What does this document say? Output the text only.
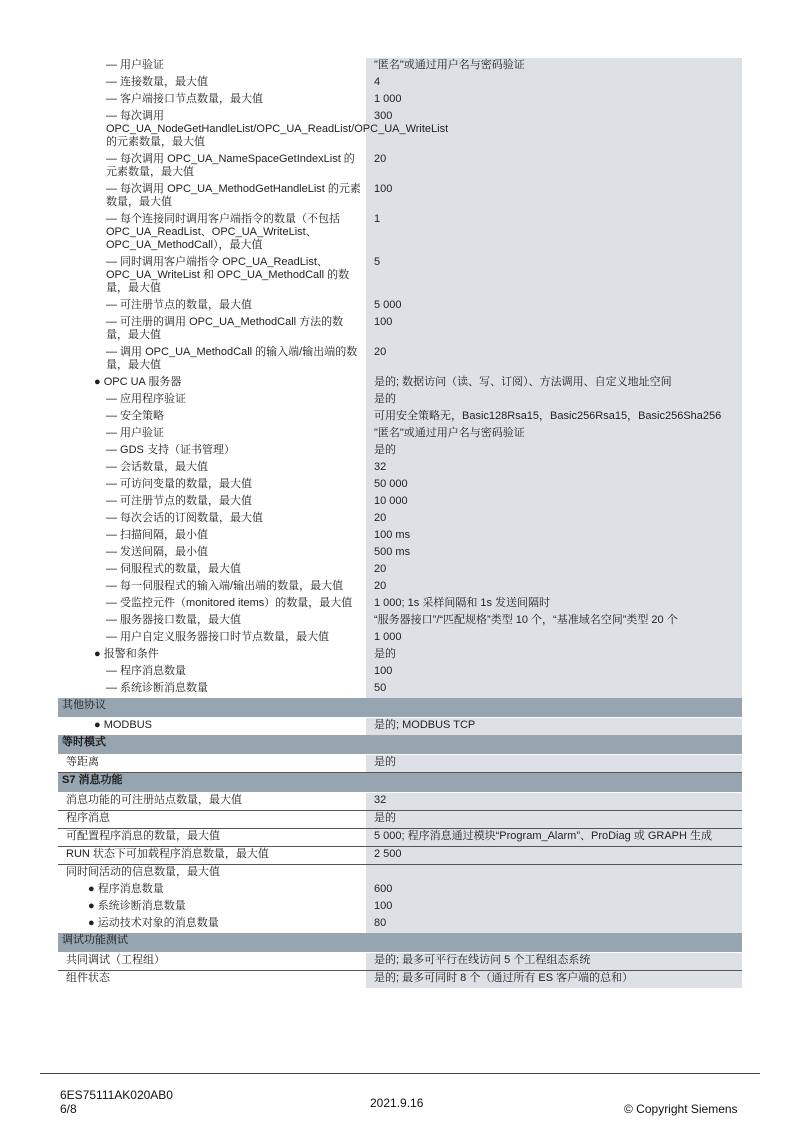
— 用户验证	"匿名"或通过用户名与密码验证
— 连接数量，最大值	4
— 客户端接口节点数量，最大值	1 000
— 每次调用 OPC_UA_NodeGetHandleList/OPC_UA_ReadList/OPC_UA_WriteList 的元素数量，最大值	300
— 每次调用 OPC_UA_NameSpaceGetIndexList 的元素数量，最大值	20
— 每次调用 OPC_UA_MethodGetHandleList 的元素数量，最大值	100
— 每个连接同时调用客户端指令的数量（不包括 OPC_UA_ReadList、OPC_UA_WriteList、OPC_UA_MethodCall），最大值	1
— 同时调用客户端指令 OPC_UA_ReadList、OPC_UA_WriteList 和 OPC_UA_MethodCall 的数量，最大值	5
— 可注册节点的数量，最大值	5 000
— 可注册的调用 OPC_UA_MethodCall 方法的数量，最大值	100
— 调用 OPC_UA_MethodCall 的输入端/输出端的数量，最大值	20
● OPC UA 服务器	是的; 数据访问（读、写、订阅）、方法调用、自定义地址空间
— 应用程序验证	是的
— 安全策略	可用安全策略无，Basic128Rsa15，Basic256Rsa15，Basic256Sha256
— 用户验证	"匿名"或通过用户名与密码验证
— GDS 支持（证书管理）	是的
— 会话数量，最大值	32
— 可访问变量的数量，最大值	50 000
— 可注册节点的数量，最大值	10 000
— 每次会话的订阅数量，最大值	20
— 扫描间隔，最小值	100 ms
— 发送间隔，最小值	500 ms
— 伺服程式的数量，最大值	20
— 每一伺服程式的输入端/输出端的数量，最大值	20
— 受监控元件（monitored items）的数量，最大值	1 000; 1s 采样间隔和 1s 发送间隔时
— 服务器接口数量，最大值	“服务器接口”/“匹配规格”类型 10 个，“基准域名空间”类型 20 个
— 用户自定义服务器接口时节点数量，最大值	1 000
● 报警和条件	是的
— 程序消息数量	100
— 系统诊断消息数量	50
其他协议	
● MODBUS	是的; MODBUS TCP
等时模式	
等距离	是的
S7 消息功能	
消息功能的可注册站点数量，最大值	32
程序消息	是的
可配置程序消息的数量，最大值	5 000; 程序消息通过模块“Program_Alarm”、ProDiag 或 GRAPH 生成
RUN 状态下可加载程序消息数量，最大值	2 500
同时间活动的信息数量，最大值	
● 程序消息数量	600
● 系统诊断消息数量	100
● 运动技术对象的消息数量	80
调试功能测试	
共同调试（工程组）	是的; 最多可平行在线访问 5 个工程组态系统
组件状态	是的; 最多可同时 8 个（通过所有 ES 客户端的总和）
6ES75111AK020AB0
6/8	2021.9.16	© Copyright Siemens
